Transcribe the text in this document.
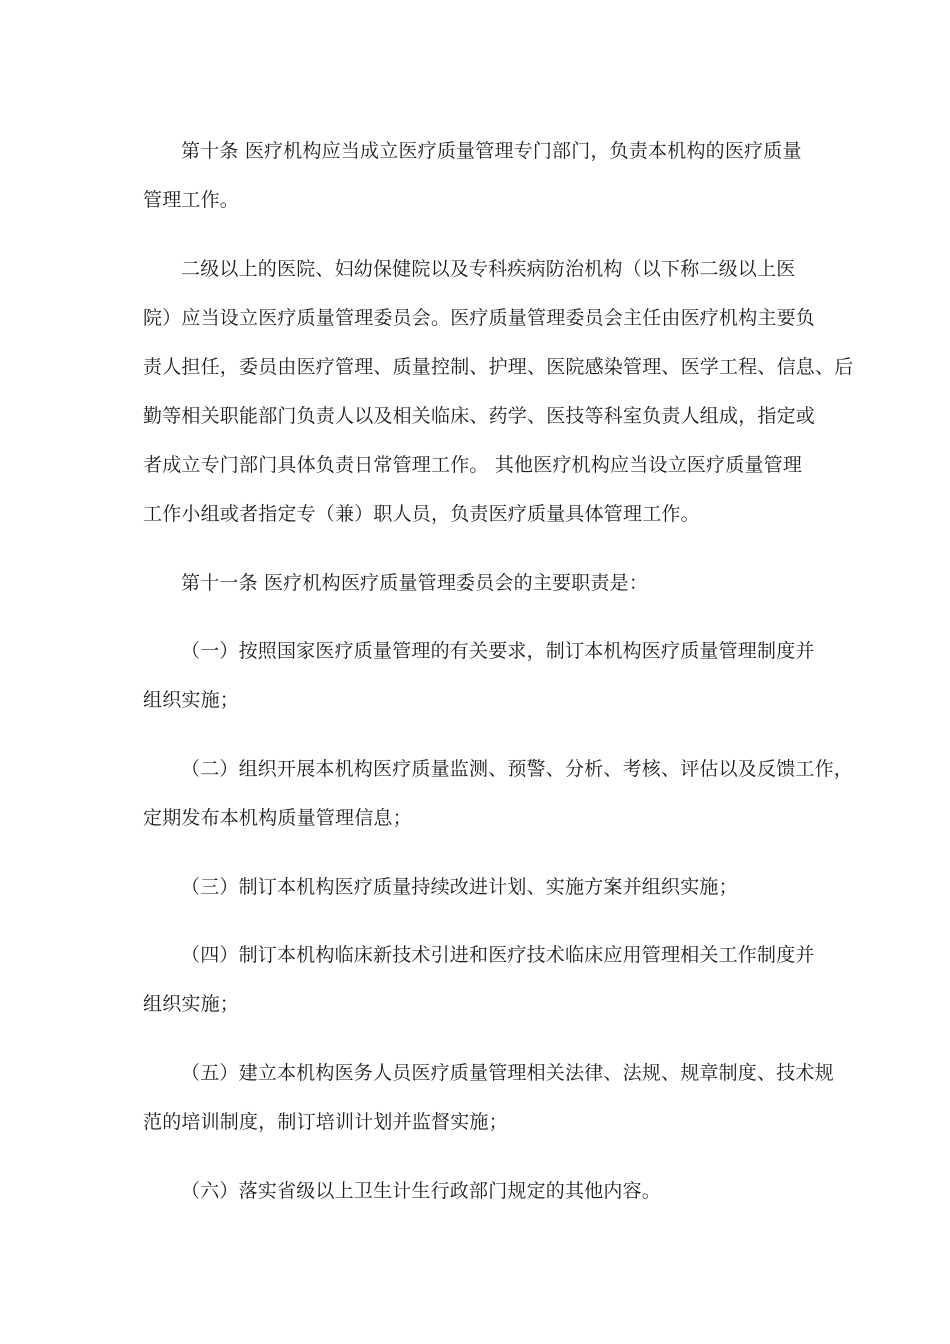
第十条 医疗机构应当成立医疗质量管理专门部门，负责本机构的医疗质量
管理工作。
二级以上的医院、妇幼保健院以及专科疾病防治机构（以下称二级以上医
院）应当设立医疗质量管理委员会。医疗质量管理委员会主任由医疗机构主要负
责人担任，委员由医疗管理、质量控制、护理、医院感染管理、医学工程、信息、后
勤等相关职能部门负责人以及相关临床、药学、医技等科室负责人组成，指定或
者成立专门部门具体负责日常管理工作。 其他医疗机构应当设立医疗质量管理
工作小组或者指定专（兼）职人员，负责医疗质量具体管理工作。
第十一条 医疗机构医疗质量管理委员会的主要职责是：
（一）按照国家医疗质量管理的有关要求，制订本机构医疗质量管理制度并
组织实施；
（二）组织开展本机构医疗质量监测、预警、分析、考核、评估以及反馈工作，
定期发布本机构质量管理信息；
（三）制订本机构医疗质量持续改进计划、实施方案并组织实施；
（四）制订本机构临床新技术引进和医疗技术临床应用管理相关工作制度并
组织实施；
（五）建立本机构医务人员医疗质量管理相关法律、法规、规章制度、技术规
范的培训制度，制订培训计划并监督实施；
（六）落实省级以上卫生计生行政部门规定的其他内容。
